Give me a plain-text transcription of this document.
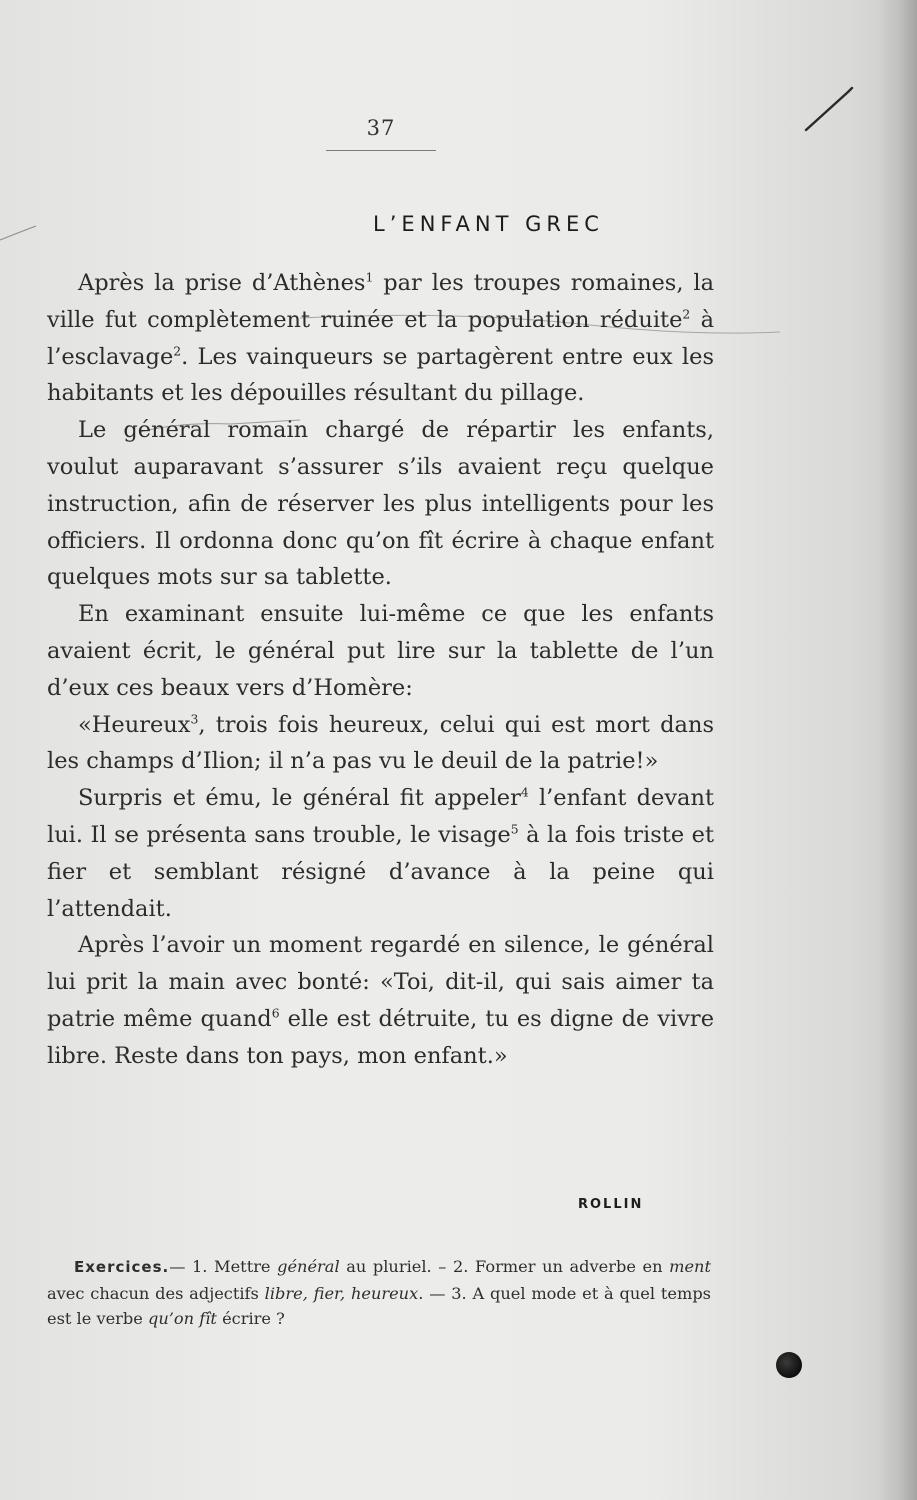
37
L’ENFANT GREC

Après la prise d’Athènes$^1$ par les troupes romaines, la ville fut complètement ruinée et la population réduite$^2$ à l’esclavage$^2$. Les vainqueurs se partagèrent entre eux les habitants et les dépouilles résultant du pillage.

Le général romain chargé de répartir les enfants, voulut auparavant s’assurer s’ils avaient reçu quelque instruction, afin de réserver les plus intelligents pour les officiers. Il ordonna donc qu’on fît écrire à chaque enfant quelques mots sur sa tablette.

En examinant ensuite lui-même ce que les enfants avaient écrit, le général put lire sur la tablette de l’un d’eux ces beaux vers d’Homère:

«Heureux$^3$, trois fois heureux, celui qui est mort dans les champs d’Ilion; il n’a pas vu le deuil de la patrie!»

Surpris et ému, le général fit appeler$^4$ l’enfant devant lui. Il se présenta sans trouble, le visage$^5$ à la fois triste et fier et semblant résigné d’avance à la peine qui l’attendait.

Après l’avoir un moment regardé en silence, le général lui prit la main avec bonté: «Toi, dit-il, qui sais aimer ta patrie même quand$^6$ elle est détruite, tu es digne de vivre libre. Reste dans ton pays, mon enfant.»

ROLLIN
Exercices.— 1. Mettre général au pluriel. – 2. Former un adverbe en ment avec chacun des adjectifs libre, fier, heureux. — 3. A quel mode et à quel temps est le verbe qu’on fît écrire ?
